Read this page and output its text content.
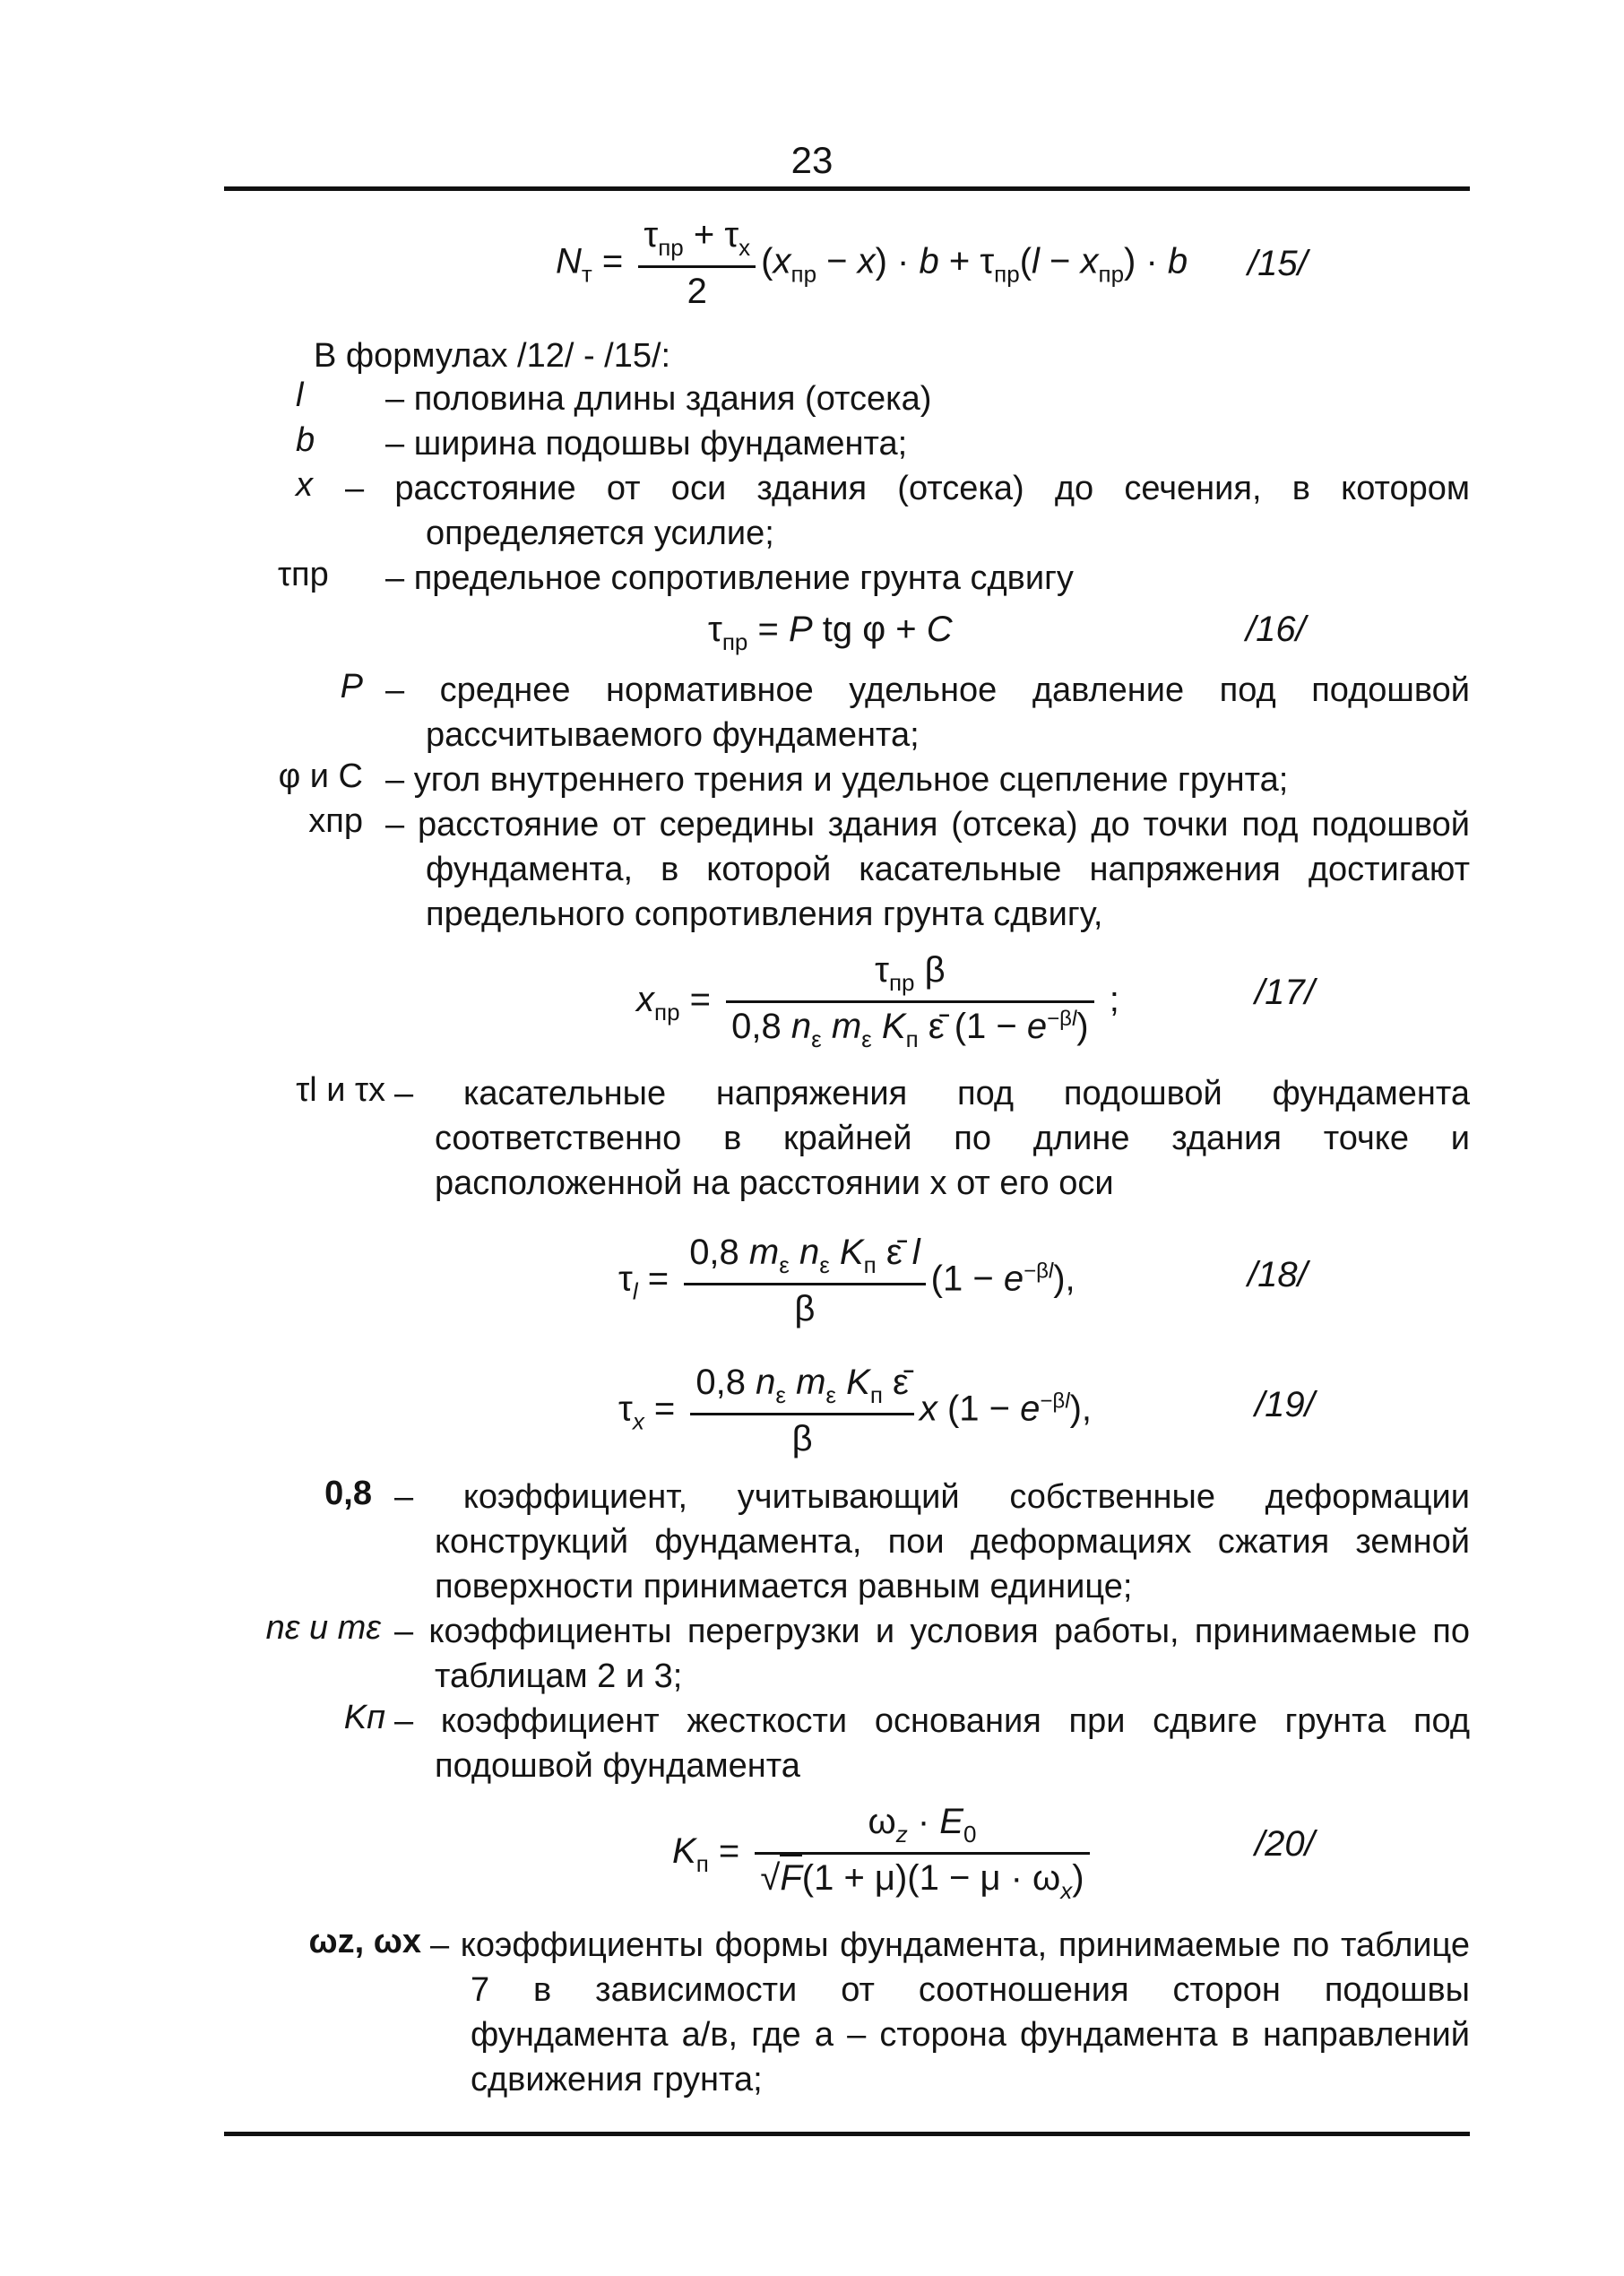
23
$N_т = \frac{\tau_{пр} + \tau_x}{2} (x_{пр} - x) \cdot b + \tau_{пр}(l - x_{пр}) \cdot b$ /15/
В формулах /12/ - /15/:
l	– половина длины здания (отсека)
b	– ширина подошвы фундамента;
x – расстояние от оси здания (отсека) до сечения, в котором определяется усилие;
τпр	– предельное сопротивление грунта сдвигу
$\tau_{пр} = P$ tg φ + C	/16/
P – среднее нормативное удельное давление под подошвой рассчитываемого фундамента;
φ и C – угол внутреннего трения и удельное сцепление грунта;
xпр – расстояние от середины здания (отсека) до точки под подошвой фундамента, в которой касательные напряжения достигают предельного сопротивления грунта сдвигу,
$x_{пр} = \frac{\tau_{пр} \beta}{0,8 n_\varepsilon m_\varepsilon K_п \varepsilon̄ (1 - e^{-\beta l})}$ ;	/17/
τl и τx – касательные напряжения под подошвой фундамента соответственно в крайней по длине здания точке и расположенной на расстоянии x от его оси
$\tau_l = \frac{0,8 m_\varepsilon n_\varepsilon K_п \varepsilon̄ l}{\beta} (1 - e^{-\beta l})$,	/18/
$\tau_x = \frac{0,8 n_\varepsilon m_\varepsilon K_п \varepsilon̄}{\beta}$ x $(1 - e^{-\beta l})$,	/19/
0,8 – коэффициент, учитывающий собственные деформации конструкций фундамента, пои деформациях сжатия земной поверхности принимается равным единице;
nε и mε – коэффициенты перегрузки и условия работы, принимаемые по таблицам 2 и 3;
Kп – коэффициент жесткости основания при сдвиге грунта под подошвой фундамента
$K_п = \frac{\omega_z \cdot E_0}{√F(1 + \mu)(1 - \mu \cdot \omega_x)}$	/20/
ωz, ωx – коэффициенты формы фундамента, принимаемые по таблице 7 в зависимости от соотношения сторон подошвы фундамента а/в, где а – сторона фундамента в направлений сдвижения грунта;
